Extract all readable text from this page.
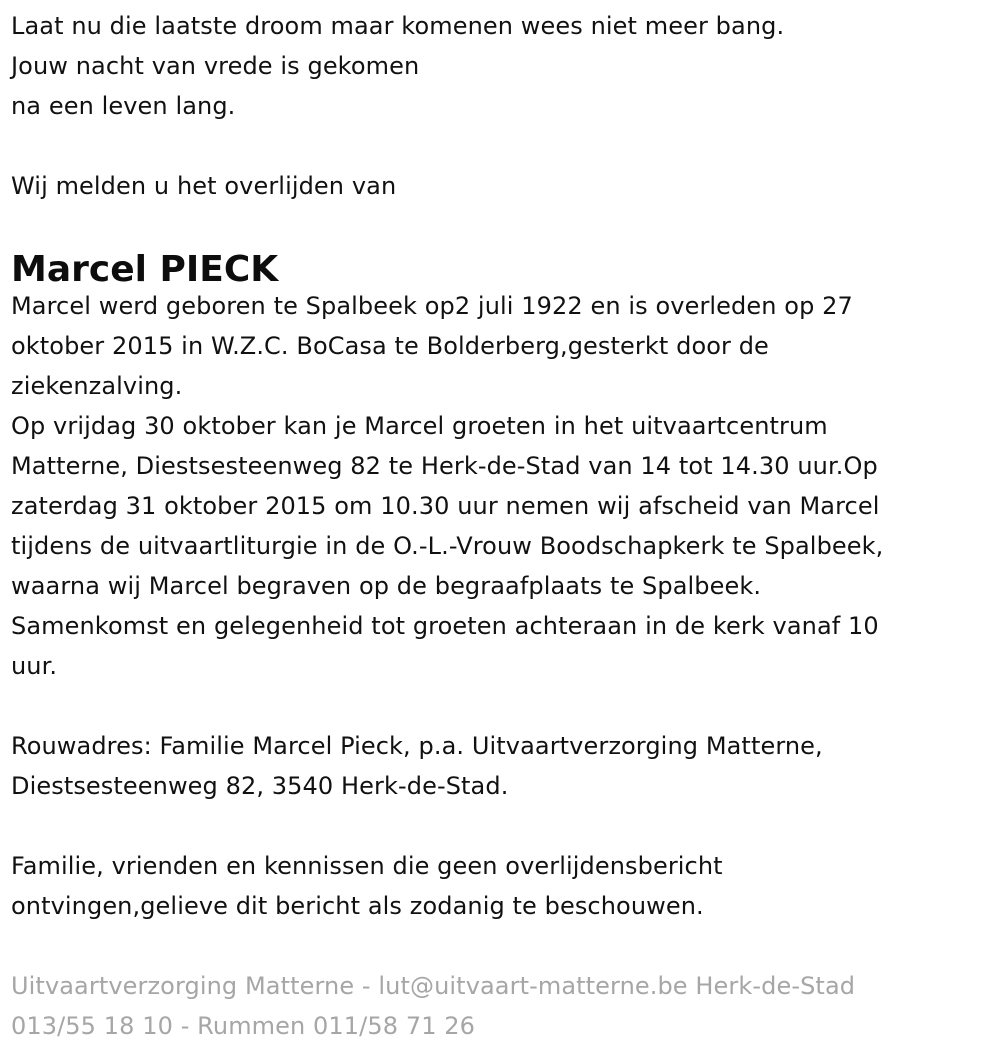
Laat nu die laatste droom maar komenen wees niet meer bang.
Jouw nacht van vrede is gekomen
na een leven lang.
Wij melden u het overlijden van
Marcel PIECK
Marcel werd geboren te Spalbeek op2 juli 1922 en is overleden op 27
oktober 2015 in W.Z.C. BoCasa te Bolderberg,gesterkt door de
ziekenzalving.
Op vrijdag 30 oktober kan je Marcel groeten in het uitvaartcentrum
Matterne, Diestsesteenweg 82 te Herk-de-Stad van 14 tot 14.30 uur.Op
zaterdag 31 oktober 2015 om 10.30 uur nemen wij afscheid van Marcel
tijdens de uitvaartliturgie in de O.-L.-Vrouw Boodschapkerk te Spalbeek,
waarna wij Marcel begraven op de begraafplaats te Spalbeek.
Samenkomst en gelegenheid tot groeten achteraan in de kerk vanaf 10
uur.
Rouwadres: Familie Marcel Pieck, p.a. Uitvaartverzorging Matterne,
Diestsesteenweg 82, 3540 Herk-de-Stad.
Familie, vrienden en kennissen die geen overlijdensbericht
ontvingen,gelieve dit bericht als zodanig te beschouwen.
Uitvaartverzorging Matterne - lut@uitvaart-matterne.be Herk-de-Stad
013/55 18 10 - Rummen 011/58 71 26
